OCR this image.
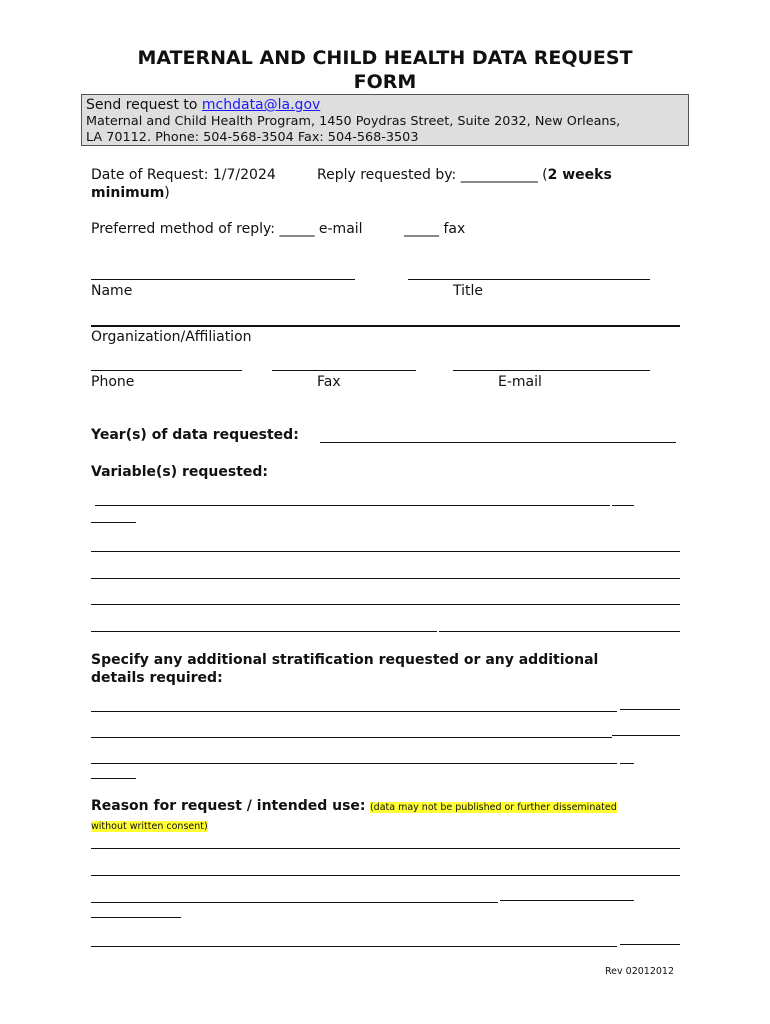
MATERNAL AND CHILD HEALTH DATA REQUEST
FORM
Send request to mchdata@la.gov
Maternal and Child Health Program, 1450 Poydras Street, Suite 2032, New Orleans,
LA 70112. Phone: 504-568-3504 Fax: 504-568-3503
Date of Request: 1/7/2024	Reply requested by: ___________ (2 weeks
minimum)
Preferred method of reply: _____ e-mail	_____ fax
Name	Title
Organization/Affiliation
Phone	Fax	E-mail
Year(s) of data requested:
Variable(s) requested:
Specify any additional stratification requested or any additional
details required:
Reason for request / intended use: (data may not be published or further disseminated
without written consent)
Rev 02012012
